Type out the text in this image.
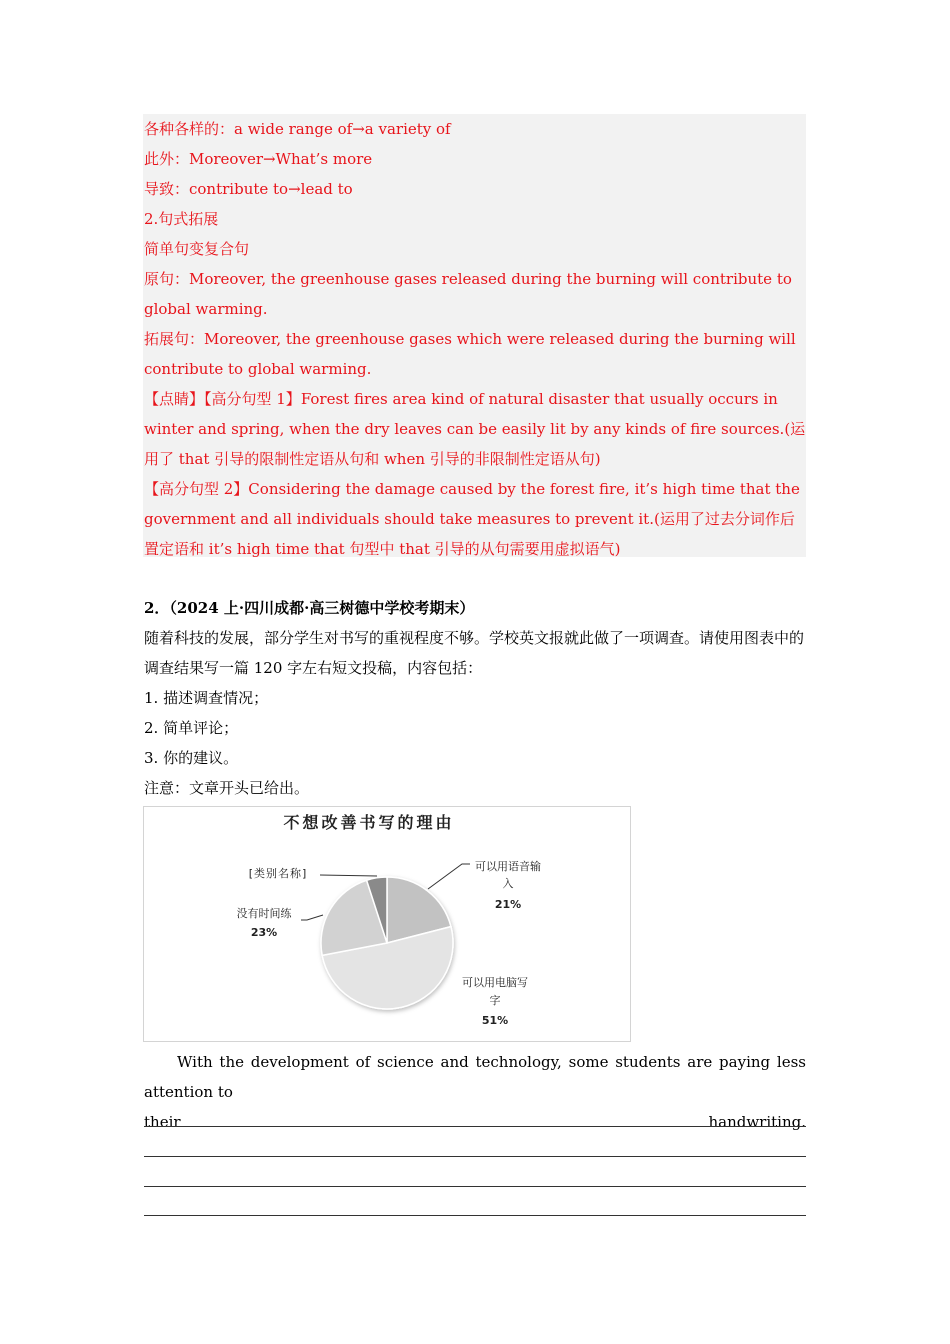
各种各样的：a wide range of→a variety of

此外：Moreover→What’s more

导致：contribute to→lead to

2.句式拓展

简单句变复合句

原句：Moreover, the greenhouse gases released during the burning will contribute to global warming.

拓展句：Moreover, the greenhouse gases which were released during the burning will contribute to global warming.

【点睛】【高分句型 1】Forest fires area kind of natural disaster that usually occurs in winter and spring, when the dry leaves can be easily lit by any kinds of fire sources.(运用了 that 引导的限制性定语从句和 when 引导的非限制性定语从句)

【高分句型 2】Considering the damage caused by the forest fire, it’s high time that the government and all individuals should take measures to prevent it.(运用了过去分词作后置定语和 it’s high time that 句型中 that 引导的从句需要用虚拟语气)

2．（2024 上·四川成都·高三树德中学校考期末）

随着科技的发展，部分学生对书写的重视程度不够。学校英文报就此做了一项调查。请使用图表中的调查结果写一篇 120 字左右短文投稿，内容包括：

1. 描述调查情况；

2. 简单评论；

3. 你的建议。

注意：文章开头已给出。

不想改善书写的理由
可以用语音输
入
21%
没有时间练
23%
[类别名称]
可以用电脑写
字
51%

With the development of science and technology, some students are paying less attention to

their	handwriting.
